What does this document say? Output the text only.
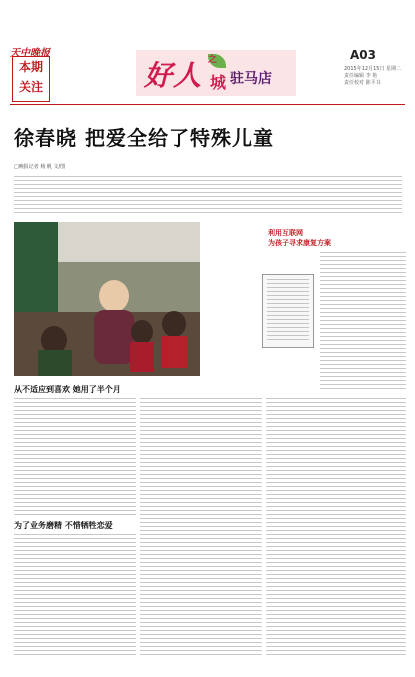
天中晚报
本期
关注	好人 之
城 驻马店
A03
2015年12月15日 星期二
责任编辑 李 艳
责任校对 陈平书
徐春晓 把爱全给了特殊儿童
□晚报记者 杨 帆 文/图
从不适应到喜欢 她用了半个月
为了业务磨精 不惜牺牲恋爱
利用互联网
为孩子寻求康复方案
